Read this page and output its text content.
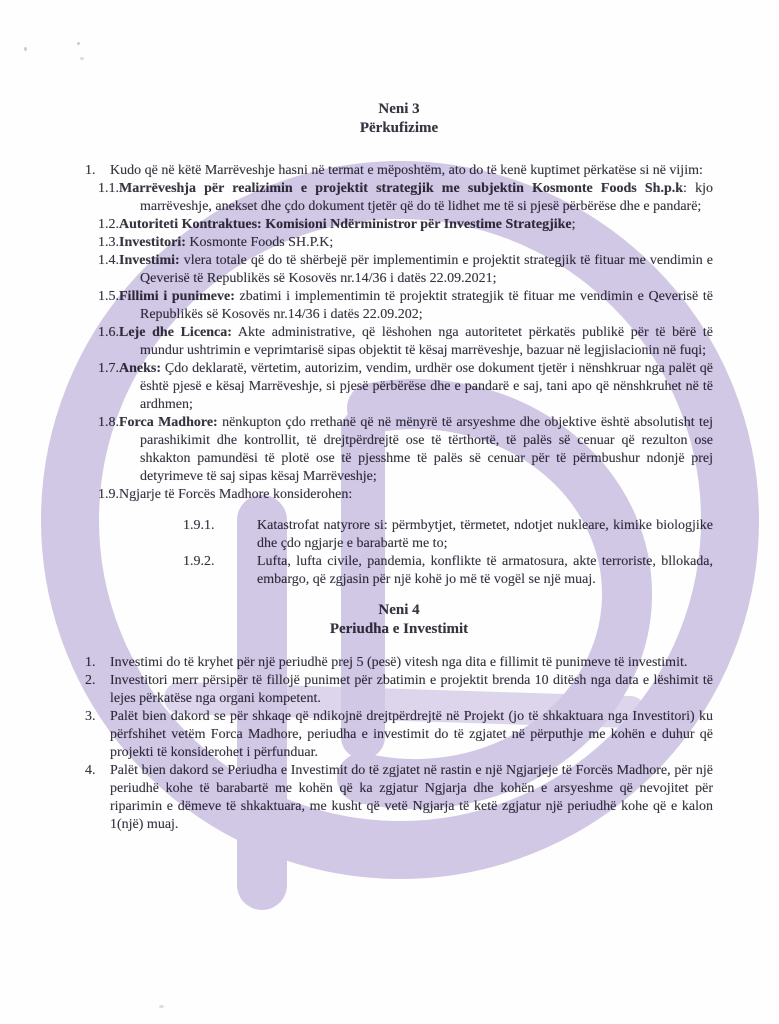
Neni 3

Përkufizime

1. Kudo që në këtë Marrëveshje hasni në termat e mëposhtëm, ato do të kenë kuptimet përkatëse si në vijim:

1.1.Marrëveshja për realizimin e projektit strategjik me subjektin Kosmonte Foods Sh.p.k: kjo marrëveshje, anekset dhe çdo dokument tjetër që do të lidhet me të si pjesë përbërëse dhe e pandarë;

1.2.Autoriteti Kontraktues: Komisioni Ndërministror për Investime Strategjike;

1.3.Investitori: Kosmonte Foods SH.P.K;

1.4.Investimi: vlera totale që do të shërbejë për implementimin e projektit strategjik të fituar me vendimin e Qeverisë të Republikës së Kosovës nr.14/36 i datës 22.09.2021;

1.5.Fillimi i punimeve: zbatimi i implementimin të projektit strategjik të fituar me vendimin e Qeverisë të Republikës së Kosovës nr.14/36 i datës 22.09.202;

1.6.Leje dhe Licenca: Akte administrative, që lëshohen nga autoritetet përkatës publikë për të bërë të mundur ushtrimin e veprimtarisë sipas objektit të kësaj marrëveshje, bazuar në legjislacionin në fuqi;

1.7.Aneks: Çdo deklaratë, vërtetim, autorizim, vendim, urdhër ose dokument tjetër i nënshkruar nga palët që është pjesë e kësaj Marrëveshje, si pjesë përbërëse dhe e pandarë e saj, tani apo që nënshkruhet në të ardhmen;

1.8.Forca Madhore: nënkupton çdo rrethanë që në mënyrë të arsyeshme dhe objektive është absolutisht tej parashikimit dhe kontrollit, të drejtpërdrejtë ose të tërthortë, të palës së cenuar që rezulton ose shkakton pamundësi të plotë ose të pjesshme të palës së cenuar për të përmbushur ndonjë prej detyrimeve të saj sipas kësaj Marrëveshje;

1.9.Ngjarje të Forcës Madhore konsiderohen:

1.9.1.	Katastrofat natyrore si: përmbytjet, tërmetet, ndotjet nukleare, kimike biologjike dhe çdo ngjarje e barabartë me to;

1.9.2.	Lufta, lufta civile, pandemia, konflikte të armatosura, akte terroriste, bllokada, embargo, që zgjasin për një kohë jo më të vogël se një muaj.

Neni 4

Periudha e Investimit

1. Investimi do të kryhet për një periudhë prej 5 (pesë) vitesh nga dita e fillimit të punimeve të investimit.

2. Investitori merr përsipër të fillojë punimet për zbatimin e projektit brenda 10 ditësh nga data e lëshimit të lejes përkatëse nga organi kompetent.

3. Palët bien dakord se për shkaqe që ndikojnë drejtpërdrejtë në Projekt (jo të shkaktuara nga Investitori) ku përfshihet vetëm Forca Madhore, periudha e investimit do të zgjatet në përputhje me kohën e duhur që projekti të konsiderohet i përfunduar.

4. Palët bien dakord se Periudha e Investimit do të zgjatet në rastin e një Ngjarjeje të Forcës Madhore, për një periudhë kohe të barabartë me kohën që ka zgjatur Ngjarja dhe kohën e arsyeshme që nevojitet për riparimin e dëmeve të shkaktuara, me kusht që vetë Ngjarja të ketë zgjatur një periudhë kohe që e kalon 1(një) muaj.
